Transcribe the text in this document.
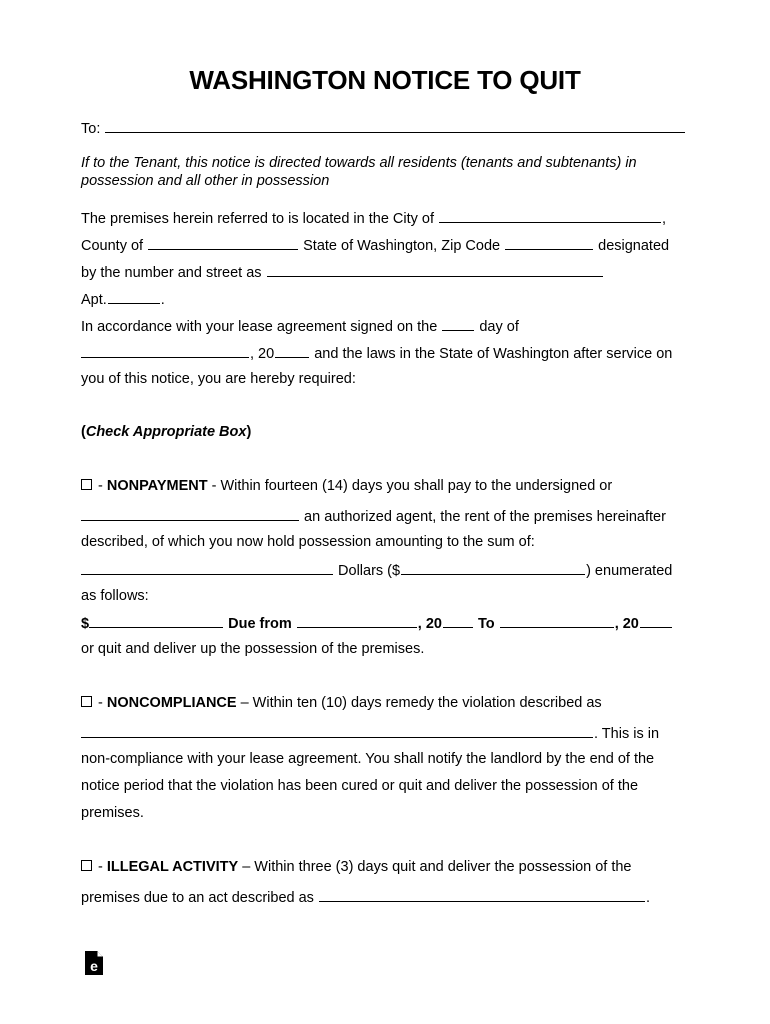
WASHINGTON NOTICE TO QUIT
To:
If to the Tenant, this notice is directed towards all residents (tenants and subtenants) in possession and all other in possession
The premises herein referred to is located in the City of	,
County of	State of Washington, Zip Code	designated
by the number and street as
Apt.	.
In accordance with your lease agreement signed on the	day of
, 20	and the laws in the State of Washington after service on
you of this notice, you are hereby required:
(Check Appropriate Box)
- NONPAYMENT - Within fourteen (14) days you shall pay to the undersigned or
an authorized agent, the rent of the premises hereinafter
described, of which you now hold possession amounting to the sum of:
Dollars ($	) enumerated
as follows:
$	Due from	, 20 To	, 20
or quit and deliver up the possession of the premises.
- NONCOMPLIANCE – Within ten (10) days remedy the violation described as
. This is in
non-compliance with your lease agreement. You shall notify the landlord by the end of the
notice period that the violation has been cured or quit and deliver the possession of the
premises.
- ILLEGAL ACTIVITY – Within three (3) days quit and deliver the possession of the
premises due to an act described as	.
e
